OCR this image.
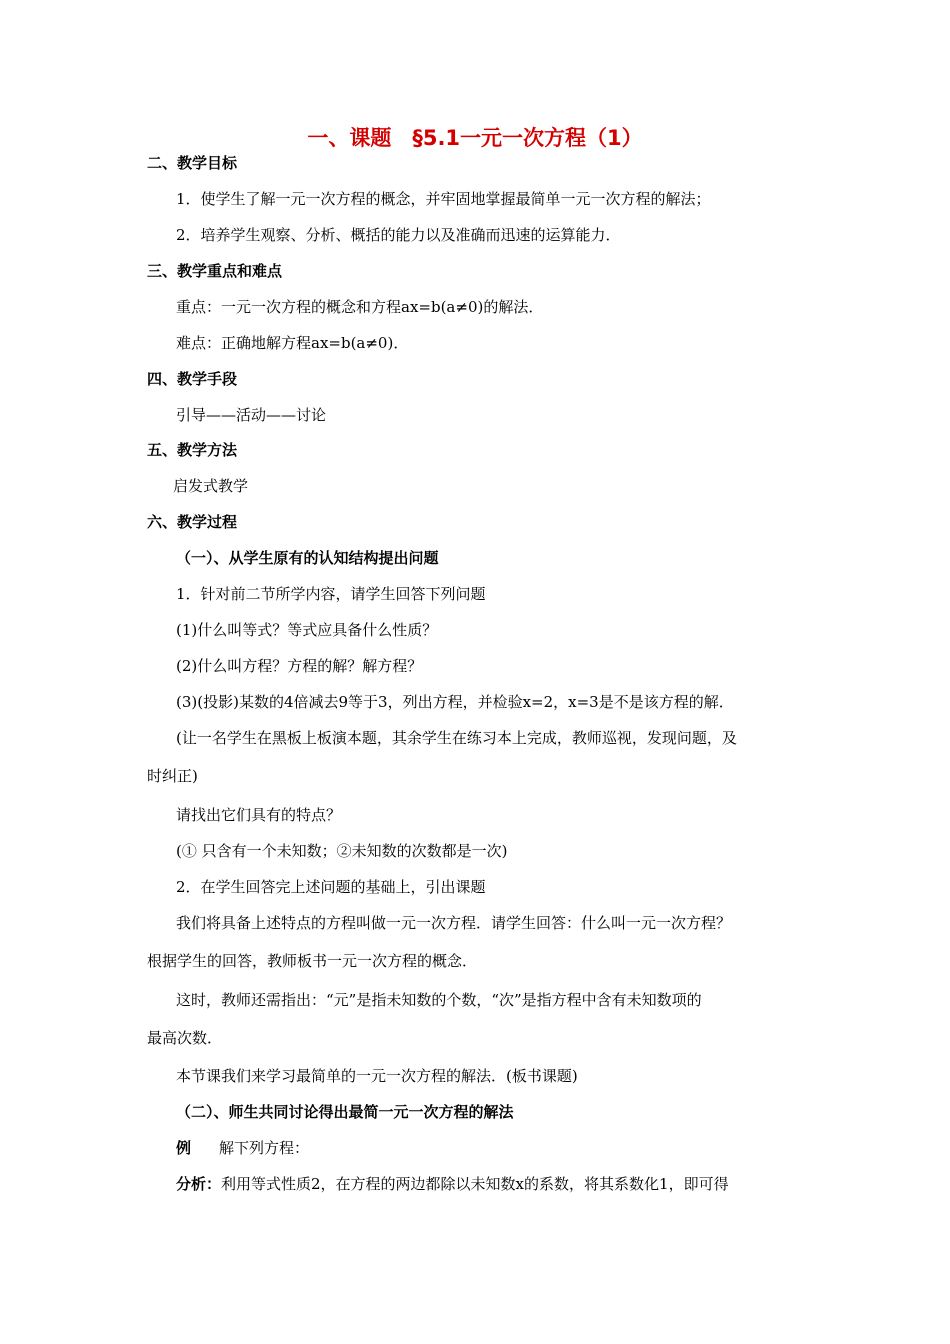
一、课题　§5.1一元一次方程（1）
二、教学目标
1．使学生了解一元一次方程的概念，并牢固地掌握最简单一元一次方程的解法；
2．培养学生观察、分析、概括的能力以及准确而迅速的运算能力．
三、教学重点和难点
重点：一元一次方程的概念和方程ax=b(a≠0)的解法．
难点：正确地解方程ax=b(a≠0)．
四、教学手段
引导——活动——讨论
五、教学方法
启发式教学
六、教学过程
（一）、从学生原有的认知结构提出问题
1．针对前二节所学内容，请学生回答下列问题
(1)什么叫等式？等式应具备什么性质？
(2)什么叫方程？方程的解？解方程？
(3)(投影)某数的4倍减去9等于3，列出方程，并检验x=2，x=3是不是该方程的解．
(让一名学生在黑板上板演本题，其余学生在练习本上完成，教师巡视，发现问题，及
时纠正)
请找出它们具有的特点？
(① 只含有一个未知数；②未知数的次数都是一次)
2．在学生回答完上述问题的基础上，引出课题
我们将具备上述特点的方程叫做一元一次方程．请学生回答：什么叫一元一次方程？
根据学生的回答，教师板书一元一次方程的概念．
这时，教师还需指出：“元”是指未知数的个数，“次”是指方程中含有未知数项的
最高次数．
本节课我们来学习最简单的一元一次方程的解法．(板书课题)
（二）、师生共同讨论得出最简一元一次方程的解法
例 解下列方程：
分析：利用等式性质2，在方程的两边都除以未知数x的系数，将其系数化1，即可得
